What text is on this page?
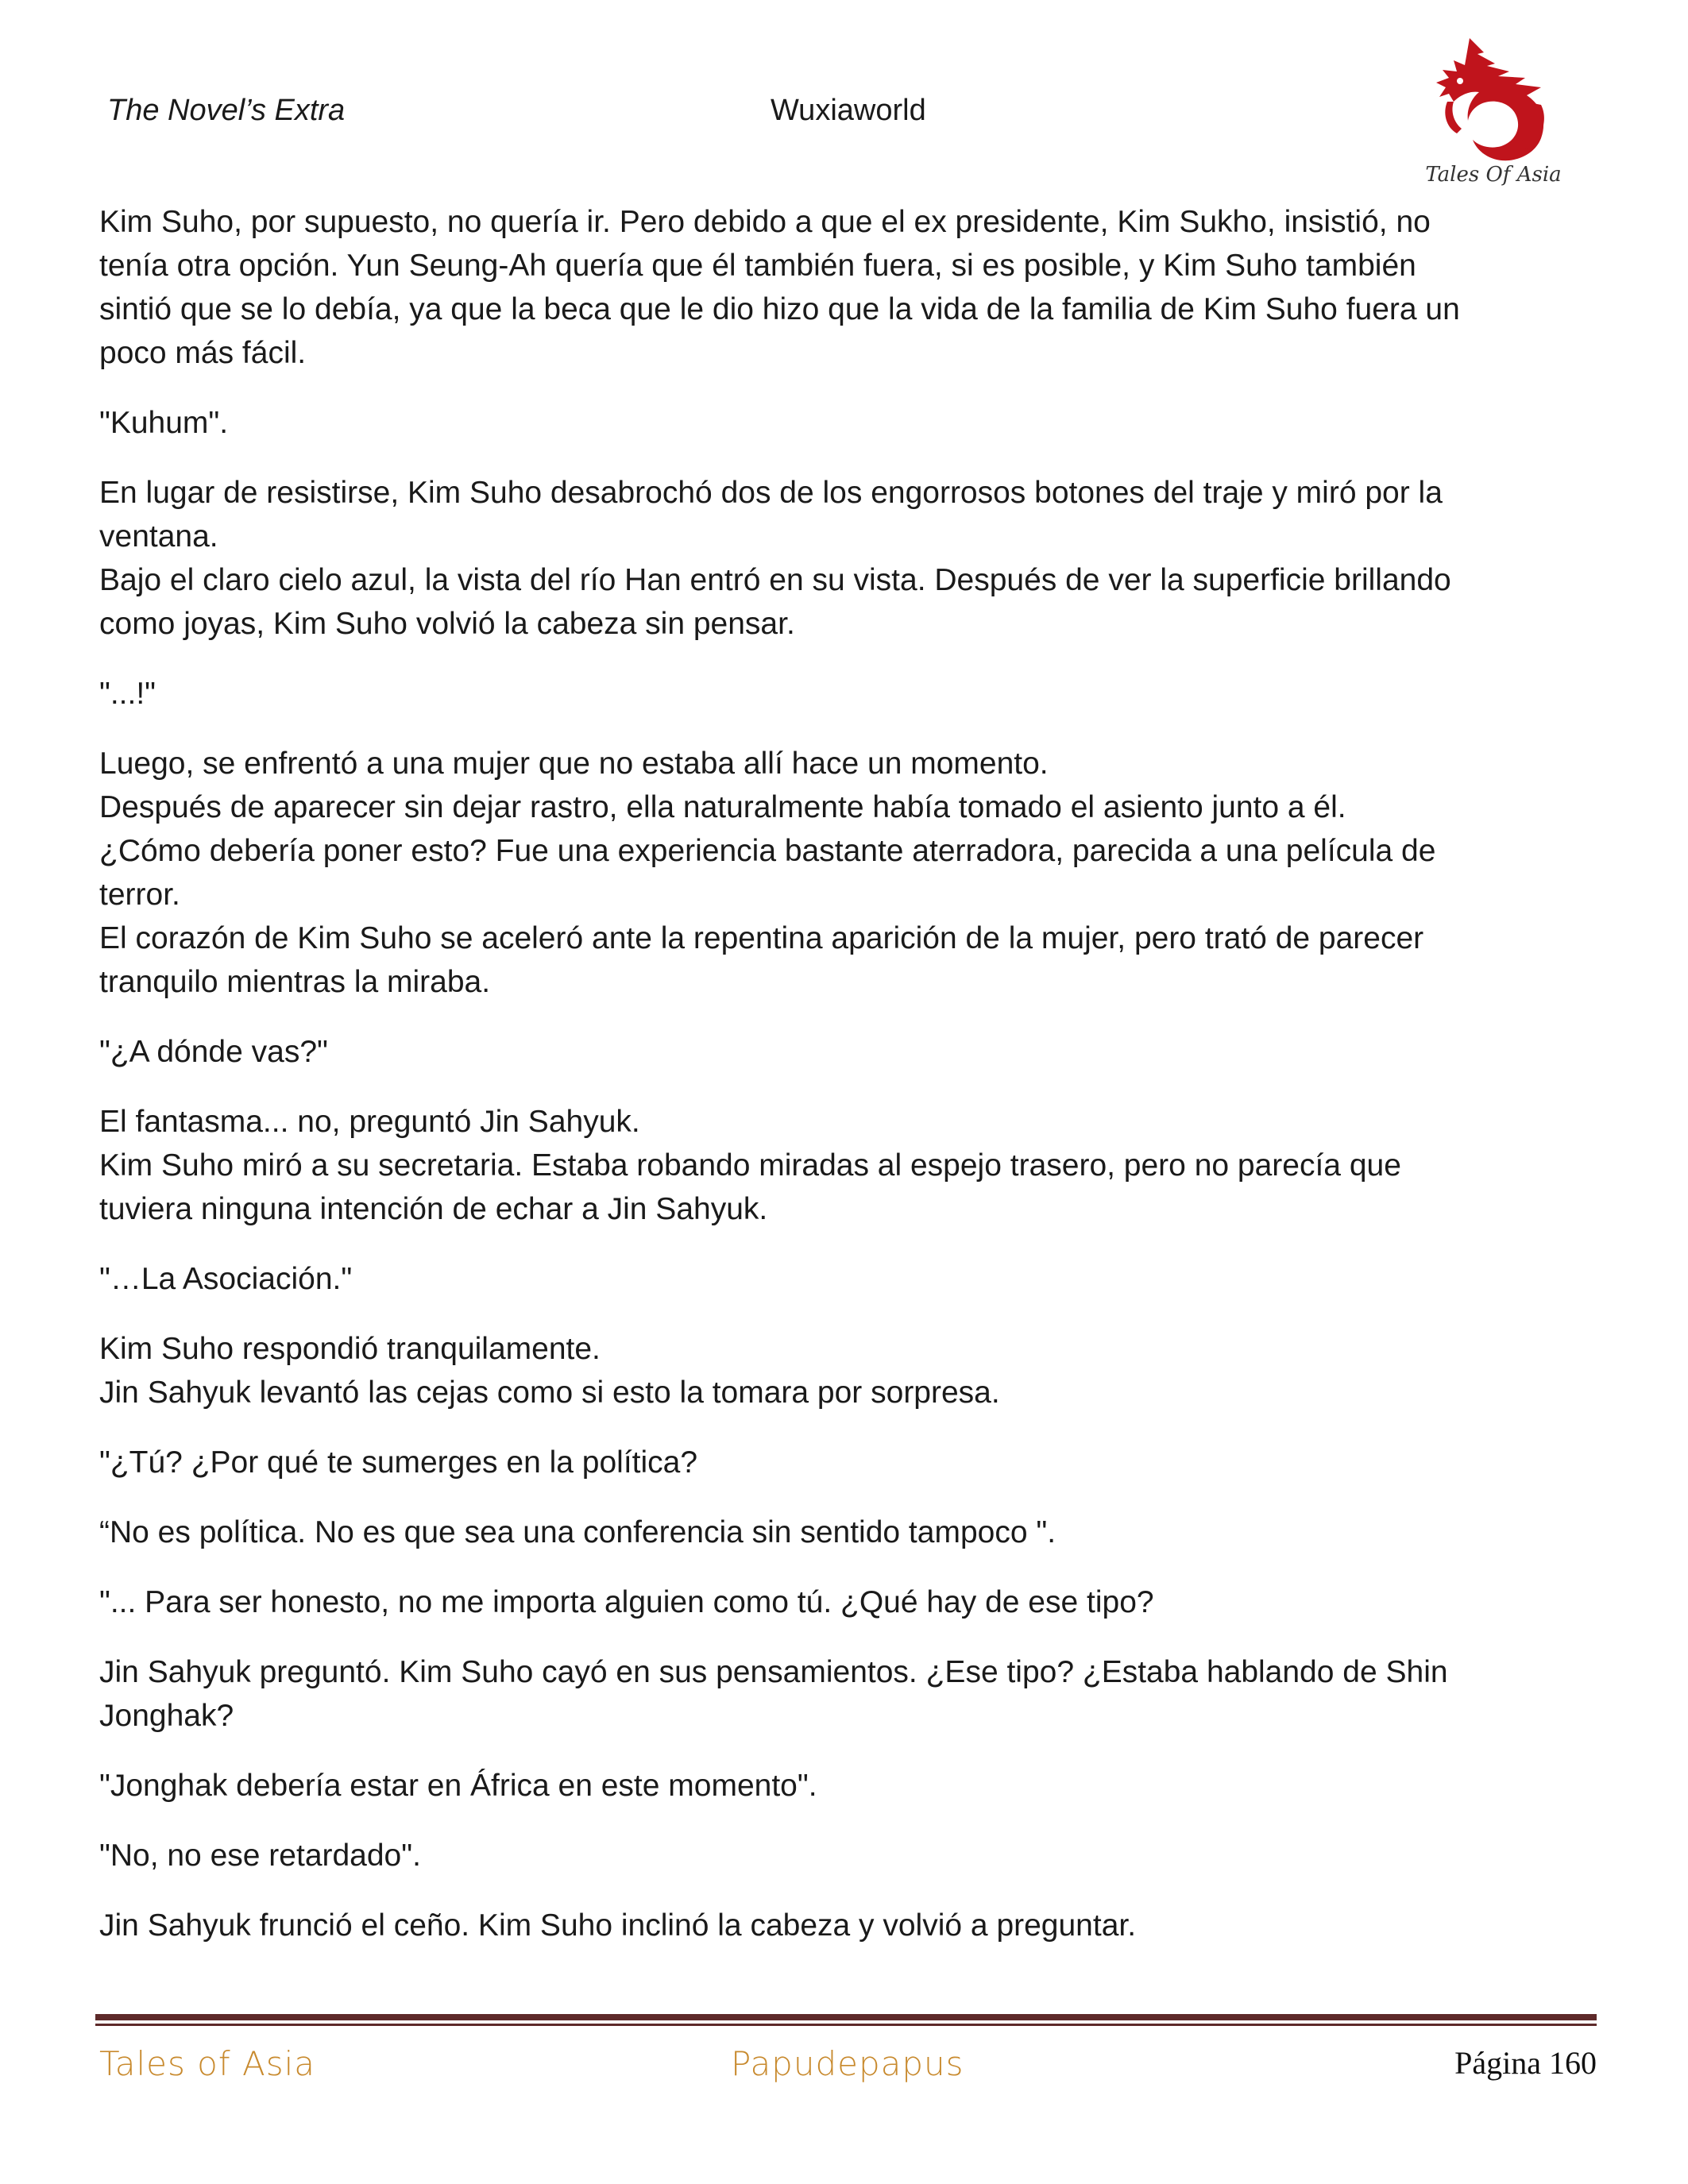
The Novel’s Extra	Wuxiaworld
Tales Of Asia

Kim Suho, por supuesto, no quería ir. Pero debido a que el ex presidente, Kim Sukho, insistió, no
tenía otra opción. Yun Seung-Ah quería que él también fuera, si es posible, y Kim Suho también
sintió que se lo debía, ya que la beca que le dio hizo que la vida de la familia de Kim Suho fuera un
poco más fácil.

"Kuhum".

En lugar de resistirse, Kim Suho desabrochó dos de los engorrosos botones del traje y miró por la
ventana.
Bajo el claro cielo azul, la vista del río Han entró en su vista. Después de ver la superficie brillando
como joyas, Kim Suho volvió la cabeza sin pensar.

"...!"

Luego, se enfrentó a una mujer que no estaba allí hace un momento.
Después de aparecer sin dejar rastro, ella naturalmente había tomado el asiento junto a él.
¿Cómo debería poner esto? Fue una experiencia bastante aterradora, parecida a una película de
terror.
El corazón de Kim Suho se aceleró ante la repentina aparición de la mujer, pero trató de parecer
tranquilo mientras la miraba.

"¿A dónde vas?"

El fantasma... no, preguntó Jin Sahyuk.
Kim Suho miró a su secretaria. Estaba robando miradas al espejo trasero, pero no parecía que
tuviera ninguna intención de echar a Jin Sahyuk.

"…La Asociación."

Kim Suho respondió tranquilamente.
Jin Sahyuk levantó las cejas como si esto la tomara por sorpresa.

"¿Tú? ¿Por qué te sumerges en la política?

“No es política. No es que sea una conferencia sin sentido tampoco ".

"... Para ser honesto, no me importa alguien como tú. ¿Qué hay de ese tipo?

Jin Sahyuk preguntó. Kim Suho cayó en sus pensamientos. ¿Ese tipo? ¿Estaba hablando de Shin
Jonghak?

"Jonghak debería estar en África en este momento".

"No, no ese retardado".

Jin Sahyuk frunció el ceño. Kim Suho inclinó la cabeza y volvió a preguntar.

Tales of Asia	Papudepapus	Página 160
